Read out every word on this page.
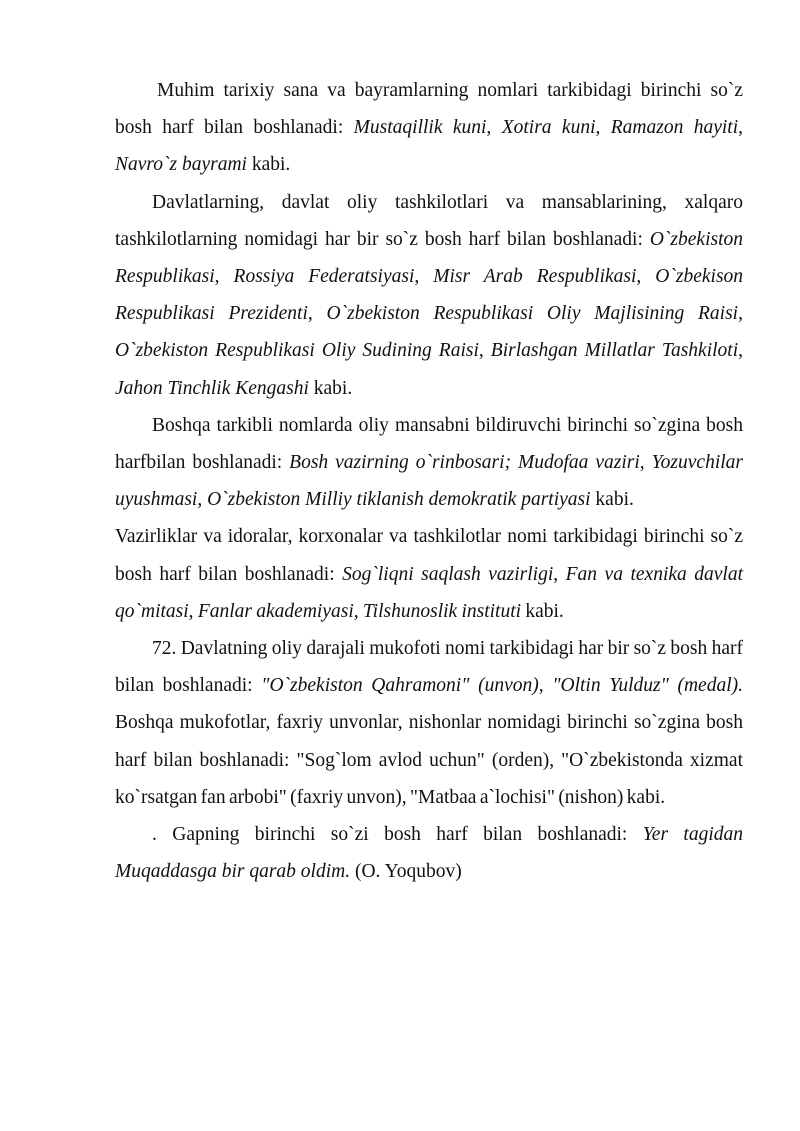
Muhim tarixiy sana va bayramlarning nomlari tarkibidagi birinchi so`z bosh harf bilan boshlanadi: Mustaqillik kuni, Xotira kuni, Ramazon hayiti, Navro`z bayrami kabi.

Davlatlarning, davlat oliy tashkilotlari va mansablarining, xalqaro tashkilotlarning nomidagi har bir so`z bosh harf bilan boshlanadi: O`zbekiston Respublikasi, Rossiya Federatsiyasi, Misr Arab Respublikasi, O`zbekison Respublikasi Prezidenti, O`zbekiston Respublikasi Oliy Majlisining Raisi, O`zbekiston Respublikasi Oliy Sudining Raisi, Birlashgan Millatlar Tashkiloti, Jahon Tinchlik Kengashi kabi.

Boshqa tarkibli nomlarda oliy mansabni bildiruvchi birinchi so`zgina bosh harfbilan boshlanadi: Bosh vazirning o`rinbosari; Mudofaa vaziri, Yozuvchilar uyushmasi, O`zbekiston Milliy tiklanish demokratik partiyasi kabi.

Vazirliklar va idoralar, korxonalar va tashkilotlar nomi tarkibidagi birinchi so`z bosh harf bilan boshlanadi: Sog`liqni saqlash vazirligi, Fan va texnika davlat qo`mitasi, Fanlar akademiyasi, Tilshunoslik instituti kabi.

72. Davlatning oliy darajali mukofoti nomi tarkibidagi har bir so`z bosh harf bilan boshlanadi: "O`zbekiston Qahramoni" (unvon), "Oltin Yulduz" (medal). Boshqa mukofotlar, faxriy unvonlar, nishonlar nomidagi birinchi so`zgina bosh harf bilan boshlanadi: "Sog`lom avlod uchun" (orden), "O`zbekistonda xizmat ko`rsatgan fan arbobi" (faxriy unvon), "Matbaa a`lochisi" (nishon) kabi.

. Gapning birinchi so`zi bosh harf bilan boshlanadi: Yer tagidan Muqaddasga bir qarab oldim. (O. Yoqubov)
